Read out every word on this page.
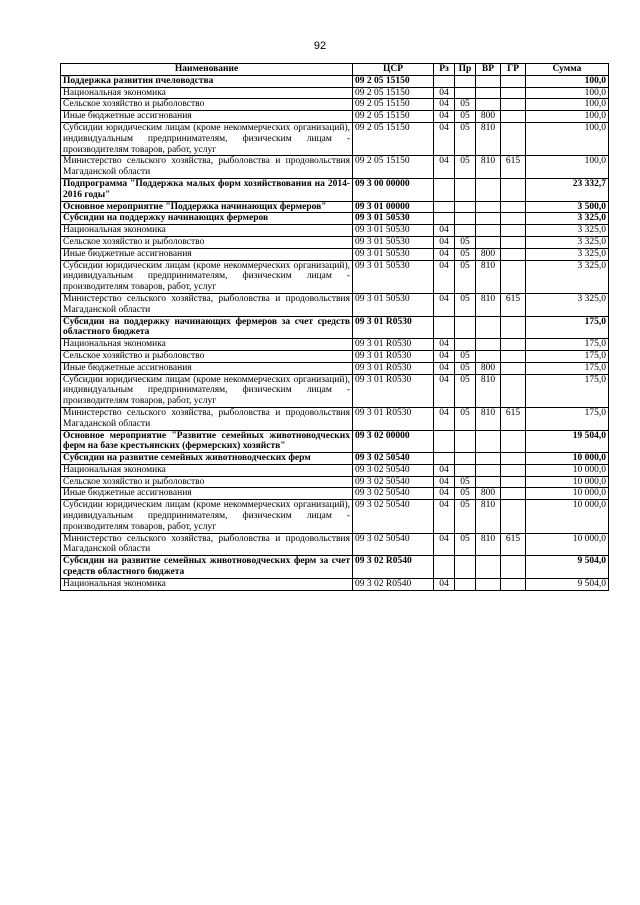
92
Наименование	ЦСР	Рз	Пр	ВР	ГР	Сумма
Поддержка развития пчеловодства	09 2 05 15150					100,0
Национальная экономика	09 2 05 15150	04				100,0
Сельское хозяйство и рыболовство	09 2 05 15150	04	05			100,0
Иные бюджетные ассигнования	09 2 05 15150	04	05	800		100,0
Субсидии юридическим лицам (кроме некоммерческих организаций), индивидуальным предпринимателям, физическим лицам - производителям товаров, работ, услуг	09 2 05 15150	04	05	810		100,0
Министерство сельского хозяйства, рыболовства и продовольствия Магаданской области	09 2 05 15150	04	05	810	615	100,0
Подпрограмма "Поддержка малых форм хозяйствования на 2014-2016 годы"	09 3 00 00000					23 332,7
Основное мероприятие "Поддержка начинающих фермеров"	09 3 01 00000					3 500,0
Субсидии на поддержку начинающих фермеров	09 3 01 50530					3 325,0
Национальная экономика	09 3 01 50530	04				3 325,0
Сельское хозяйство и рыболовство	09 3 01 50530	04	05			3 325,0
Иные бюджетные ассигнования	09 3 01 50530	04	05	800		3 325,0
Субсидии юридическим лицам (кроме некоммерческих организаций), индивидуальным предпринимателям, физическим лицам - производителям товаров, работ, услуг	09 3 01 50530	04	05	810		3 325,0
Министерство сельского хозяйства, рыболовства и продовольствия Магаданской области	09 3 01 50530	04	05	810	615	3 325,0
Субсидии на поддержку начинающих фермеров за счет средств областного бюджета	09 3 01 R0530					175,0
Национальная экономика	09 3 01 R0530	04				175,0
Сельское хозяйство и рыболовство	09 3 01 R0530	04	05			175,0
Иные бюджетные ассигнования	09 3 01 R0530	04	05	800		175,0
Субсидии юридическим лицам (кроме некоммерческих организаций), индивидуальным предпринимателям, физическим лицам - производителям товаров, работ, услуг	09 3 01 R0530	04	05	810		175,0
Министерство сельского хозяйства, рыболовства и продовольствия Магаданской области	09 3 01 R0530	04	05	810	615	175,0
Основное мероприятие "Развитие семейных животноводческих ферм на базе крестьянских (фермерских) хозяйств"	09 3 02 00000					19 504,0
Субсидии на развитие семейных животноводческих ферм	09 3 02 50540					10 000,0
Национальная экономика	09 3 02 50540	04				10 000,0
Сельское хозяйство и рыболовство	09 3 02 50540	04	05			10 000,0
Иные бюджетные ассигнования	09 3 02 50540	04	05	800		10 000,0
Субсидии юридическим лицам (кроме некоммерческих организаций), индивидуальным предпринимателям, физическим лицам - производителям товаров, работ, услуг	09 3 02 50540	04	05	810		10 000,0
Министерство сельского хозяйства, рыболовства и продовольствия Магаданской области	09 3 02 50540	04	05	810	615	10 000,0
Субсидии на развитие семейных животноводческих ферм за счет средств областного бюджета	09 3 02 R0540					9 504,0
Национальная экономика	09 3 02 R0540	04				9 504,0
